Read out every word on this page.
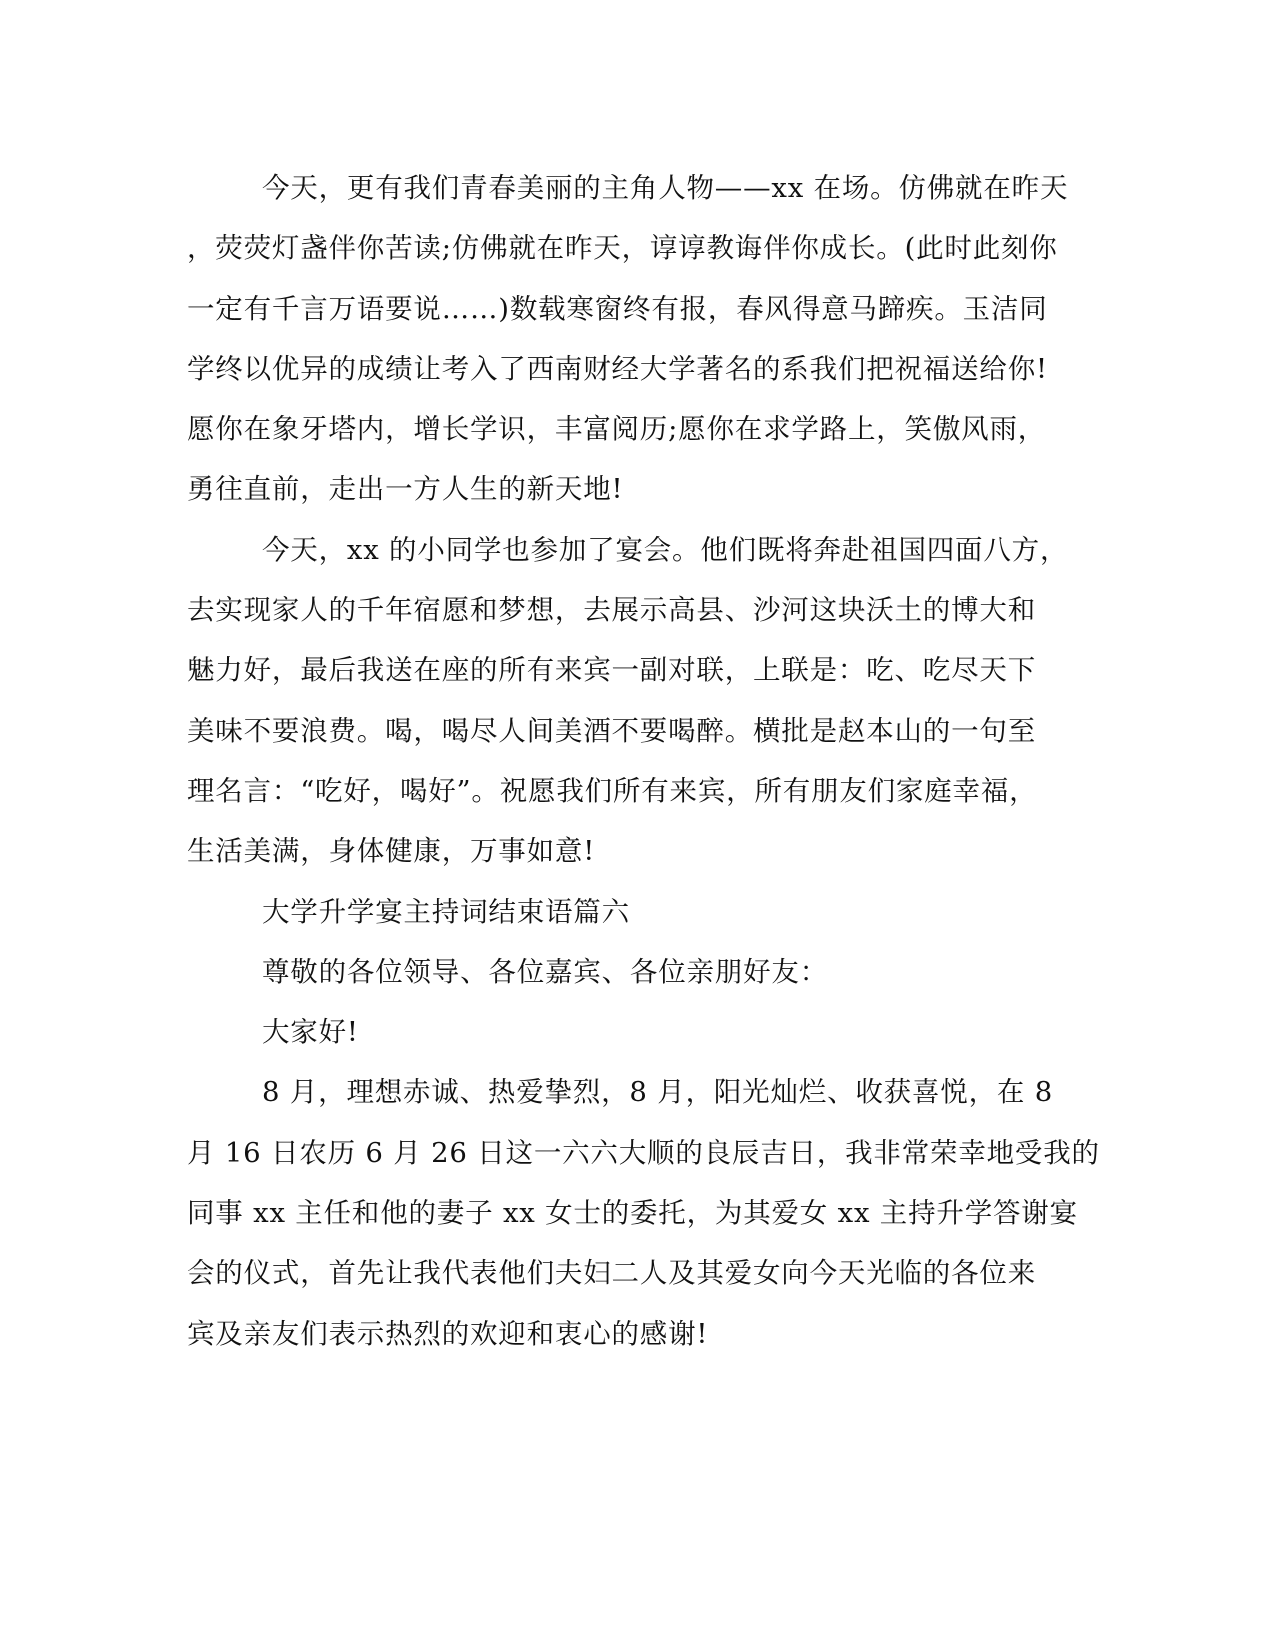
今天，更有我们青春美丽的主角人物——xx 在场。仿佛就在昨天
，荧荧灯盏伴你苦读;仿佛就在昨天，谆谆教诲伴你成长。(此时此刻你
一定有千言万语要说……)数载寒窗终有报，春风得意马蹄疾。玉洁同
学终以优异的成绩让考入了西南财经大学著名的系我们把祝福送给你!
愿你在象牙塔内，增长学识，丰富阅历;愿你在求学路上，笑傲风雨，
勇往直前，走出一方人生的新天地!
今天，xx 的小同学也参加了宴会。他们既将奔赴祖国四面八方，
去实现家人的千年宿愿和梦想，去展示高县、沙河这块沃土的博大和
魅力好，最后我送在座的所有来宾一副对联，上联是：吃、吃尽天下
美味不要浪费。喝，喝尽人间美酒不要喝醉。横批是赵本山的一句至
理名言：“吃好，喝好”。祝愿我们所有来宾，所有朋友们家庭幸福，
生活美满，身体健康，万事如意!
大学升学宴主持词结束语篇六
尊敬的各位领导、各位嘉宾、各位亲朋好友：
大家好!
8 月，理想赤诚、热爱挚烈，8 月，阳光灿烂、收获喜悦，在 8
月 16 日农历 6 月 26 日这一六六大顺的良辰吉日，我非常荣幸地受我的
同事 xx 主任和他的妻子 xx 女士的委托，为其爱女 xx 主持升学答谢宴
会的仪式，首先让我代表他们夫妇二人及其爱女向今天光临的各位来
宾及亲友们表示热烈的欢迎和衷心的感谢!
